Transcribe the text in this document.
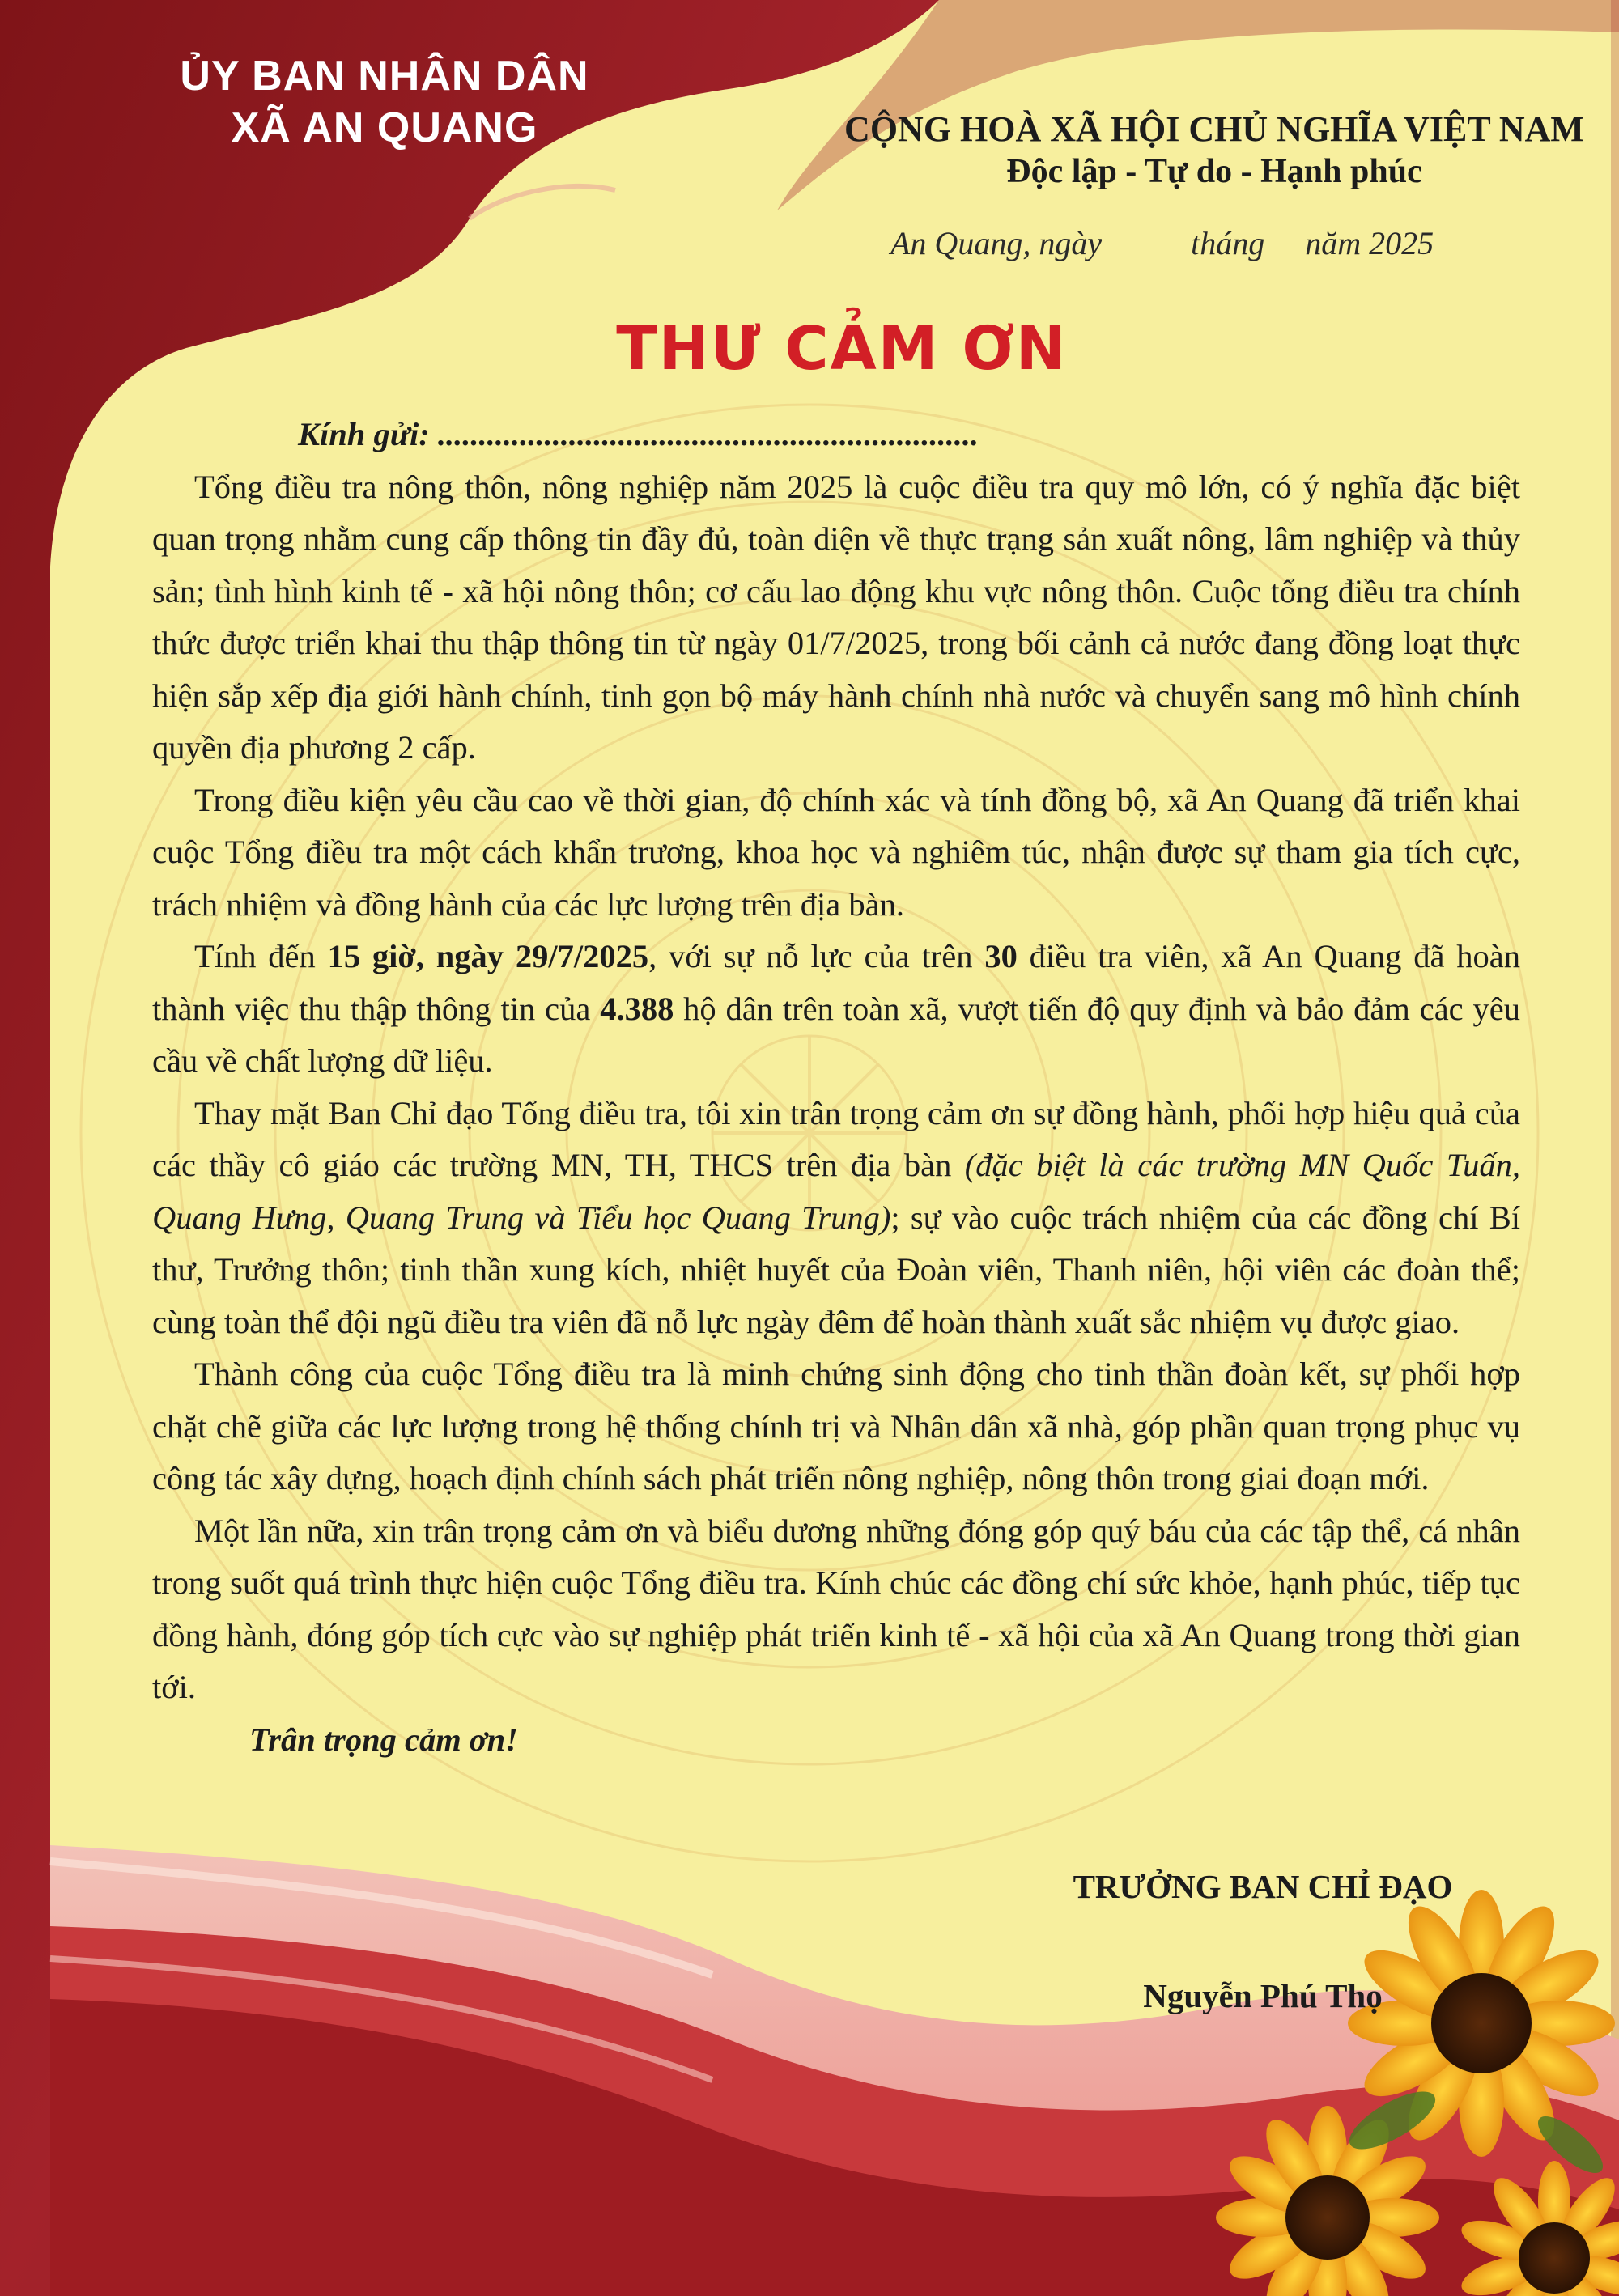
ỦY BAN NHÂN DÂN
XÃ AN QUANG	CỘNG HOÀ XÃ HỘI CHỦ NGHĨA VIỆT NAM
Độc lập - Tự do - Hạnh phúc
An Quang, ngày	tháng năm 2025
THƯ CẢM ƠN

Kính gửi: ..................................................................

Tổng điều tra nông thôn, nông nghiệp năm 2025 là cuộc điều tra quy mô lớn, có ý nghĩa đặc biệt quan trọng nhằm cung cấp thông tin đầy đủ, toàn diện về thực trạng sản xuất nông, lâm nghiệp và thủy sản; tình hình kinh tế - xã hội nông thôn; cơ cấu lao động khu vực nông thôn. Cuộc tổng điều tra chính thức được triển khai thu thập thông tin từ ngày 01/7/2025, trong bối cảnh cả nước đang đồng loạt thực hiện sắp xếp địa giới hành chính, tinh gọn bộ máy hành chính nhà nước và chuyển sang mô hình chính quyền địa phương 2 cấp.

Trong điều kiện yêu cầu cao về thời gian, độ chính xác và tính đồng bộ, xã An Quang đã triển khai cuộc Tổng điều tra một cách khẩn trương, khoa học và nghiêm túc, nhận được sự tham gia tích cực, trách nhiệm và đồng hành của các lực lượng trên địa bàn.

Tính đến 15 giờ, ngày 29/7/2025, với sự nỗ lực của trên 30 điều tra viên, xã An Quang đã hoàn thành việc thu thập thông tin của 4.388 hộ dân trên toàn xã, vượt tiến độ quy định và bảo đảm các yêu cầu về chất lượng dữ liệu.

Thay mặt Ban Chỉ đạo Tổng điều tra, tôi xin trân trọng cảm ơn sự đồng hành, phối hợp hiệu quả của các thầy cô giáo các trường MN, TH, THCS trên địa bàn (đặc biệt là các trường MN Quốc Tuấn, Quang Hưng, Quang Trung và Tiểu học Quang Trung); sự vào cuộc trách nhiệm của các đồng chí Bí thư, Trưởng thôn; tinh thần xung kích, nhiệt huyết của Đoàn viên, Thanh niên, hội viên các đoàn thể; cùng toàn thể đội ngũ điều tra viên đã nỗ lực ngày đêm để hoàn thành xuất sắc nhiệm vụ được giao.

Thành công của cuộc Tổng điều tra là minh chứng sinh động cho tinh thần đoàn kết, sự phối hợp chặt chẽ giữa các lực lượng trong hệ thống chính trị và Nhân dân xã nhà, góp phần quan trọng phục vụ công tác xây dựng, hoạch định chính sách phát triển nông nghiệp, nông thôn trong giai đoạn mới.

Một lần nữa, xin trân trọng cảm ơn và biểu dương những đóng góp quý báu của các tập thể, cá nhân trong suốt quá trình thực hiện cuộc Tổng điều tra. Kính chúc các đồng chí sức khỏe, hạnh phúc, tiếp tục đồng hành, đóng góp tích cực vào sự nghiệp phát triển kinh tế - xã hội của xã An Quang trong thời gian tới.

Trân trọng cảm ơn!

TRƯỞNG BAN CHỈ ĐẠO
Nguyễn Phú Thọ
